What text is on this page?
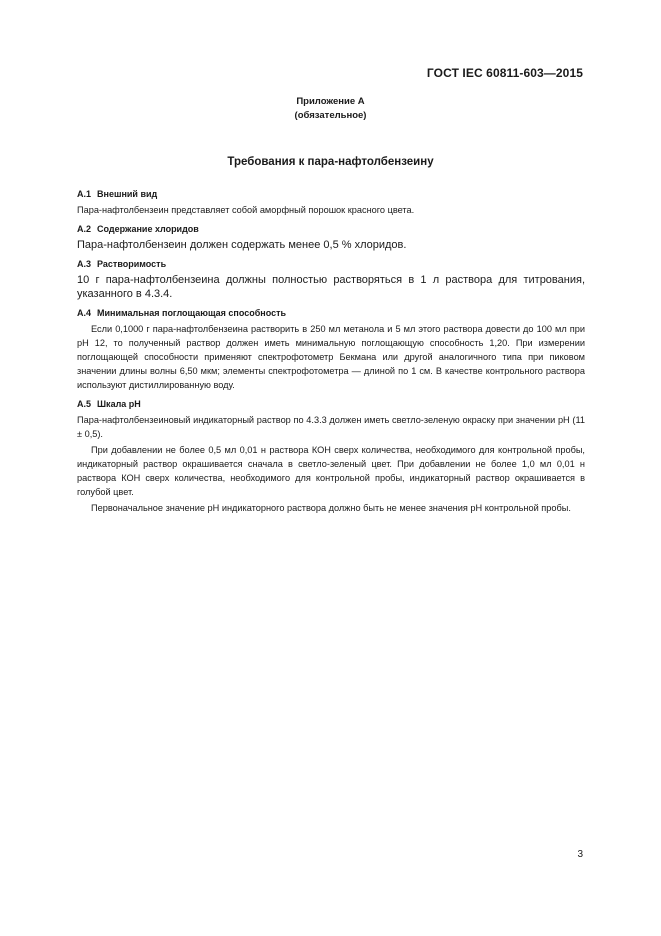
ГОСТ IEC 60811-603—2015
Приложение А
(обязательное)
Требования к пара-нафтолбензеину
А.1 Внешний вид

Пара-нафтолбензеин представляет собой аморфный порошок красного цвета.

А.2 Содержание хлоридов

Пара-нафтолбензеин должен содержать менее 0,5 % хлоридов.

А.3 Растворимость

10 г пара-нафтолбензеина должны полностью растворяться в 1 л раствора для титрования, указанного в 4.3.4.

А.4 Минимальная поглощающая способность

Если 0,1000 г пара-нафтолбензеина растворить в 250 мл метанола и 5 мл этого раствора довести до 100 мл при рН 12, то полученный раствор должен иметь минимальную поглощающую способность 1,20. При измерении поглощающей способности применяют спектрофотометр Бекмана или другой аналогичного типа при пиковом значении длины волны 6,50 мкм; элементы спектрофотометра — длиной по 1 см. В качестве контрольного раствора используют дистиллированную воду.

А.5 Шкала рН

Пара-нафтолбензеиновый индикаторный раствор по 4.3.3 должен иметь светло-зеленую окраску при значении рН (11 ± 0,5).

При добавлении не более 0,5 мл 0,01 н раствора КОН сверх количества, необходимого для контрольной пробы, индикаторный раствор окрашивается сначала в светло-зеленый цвет. При добавлении не более 1,0 мл 0,01 н раствора КОН сверх количества, необходимого для контрольной пробы, индикаторный раствор окрашивается в голубой цвет.

Первоначальное значение рН индикаторного раствора должно быть не менее значения рН контрольной пробы.

3
